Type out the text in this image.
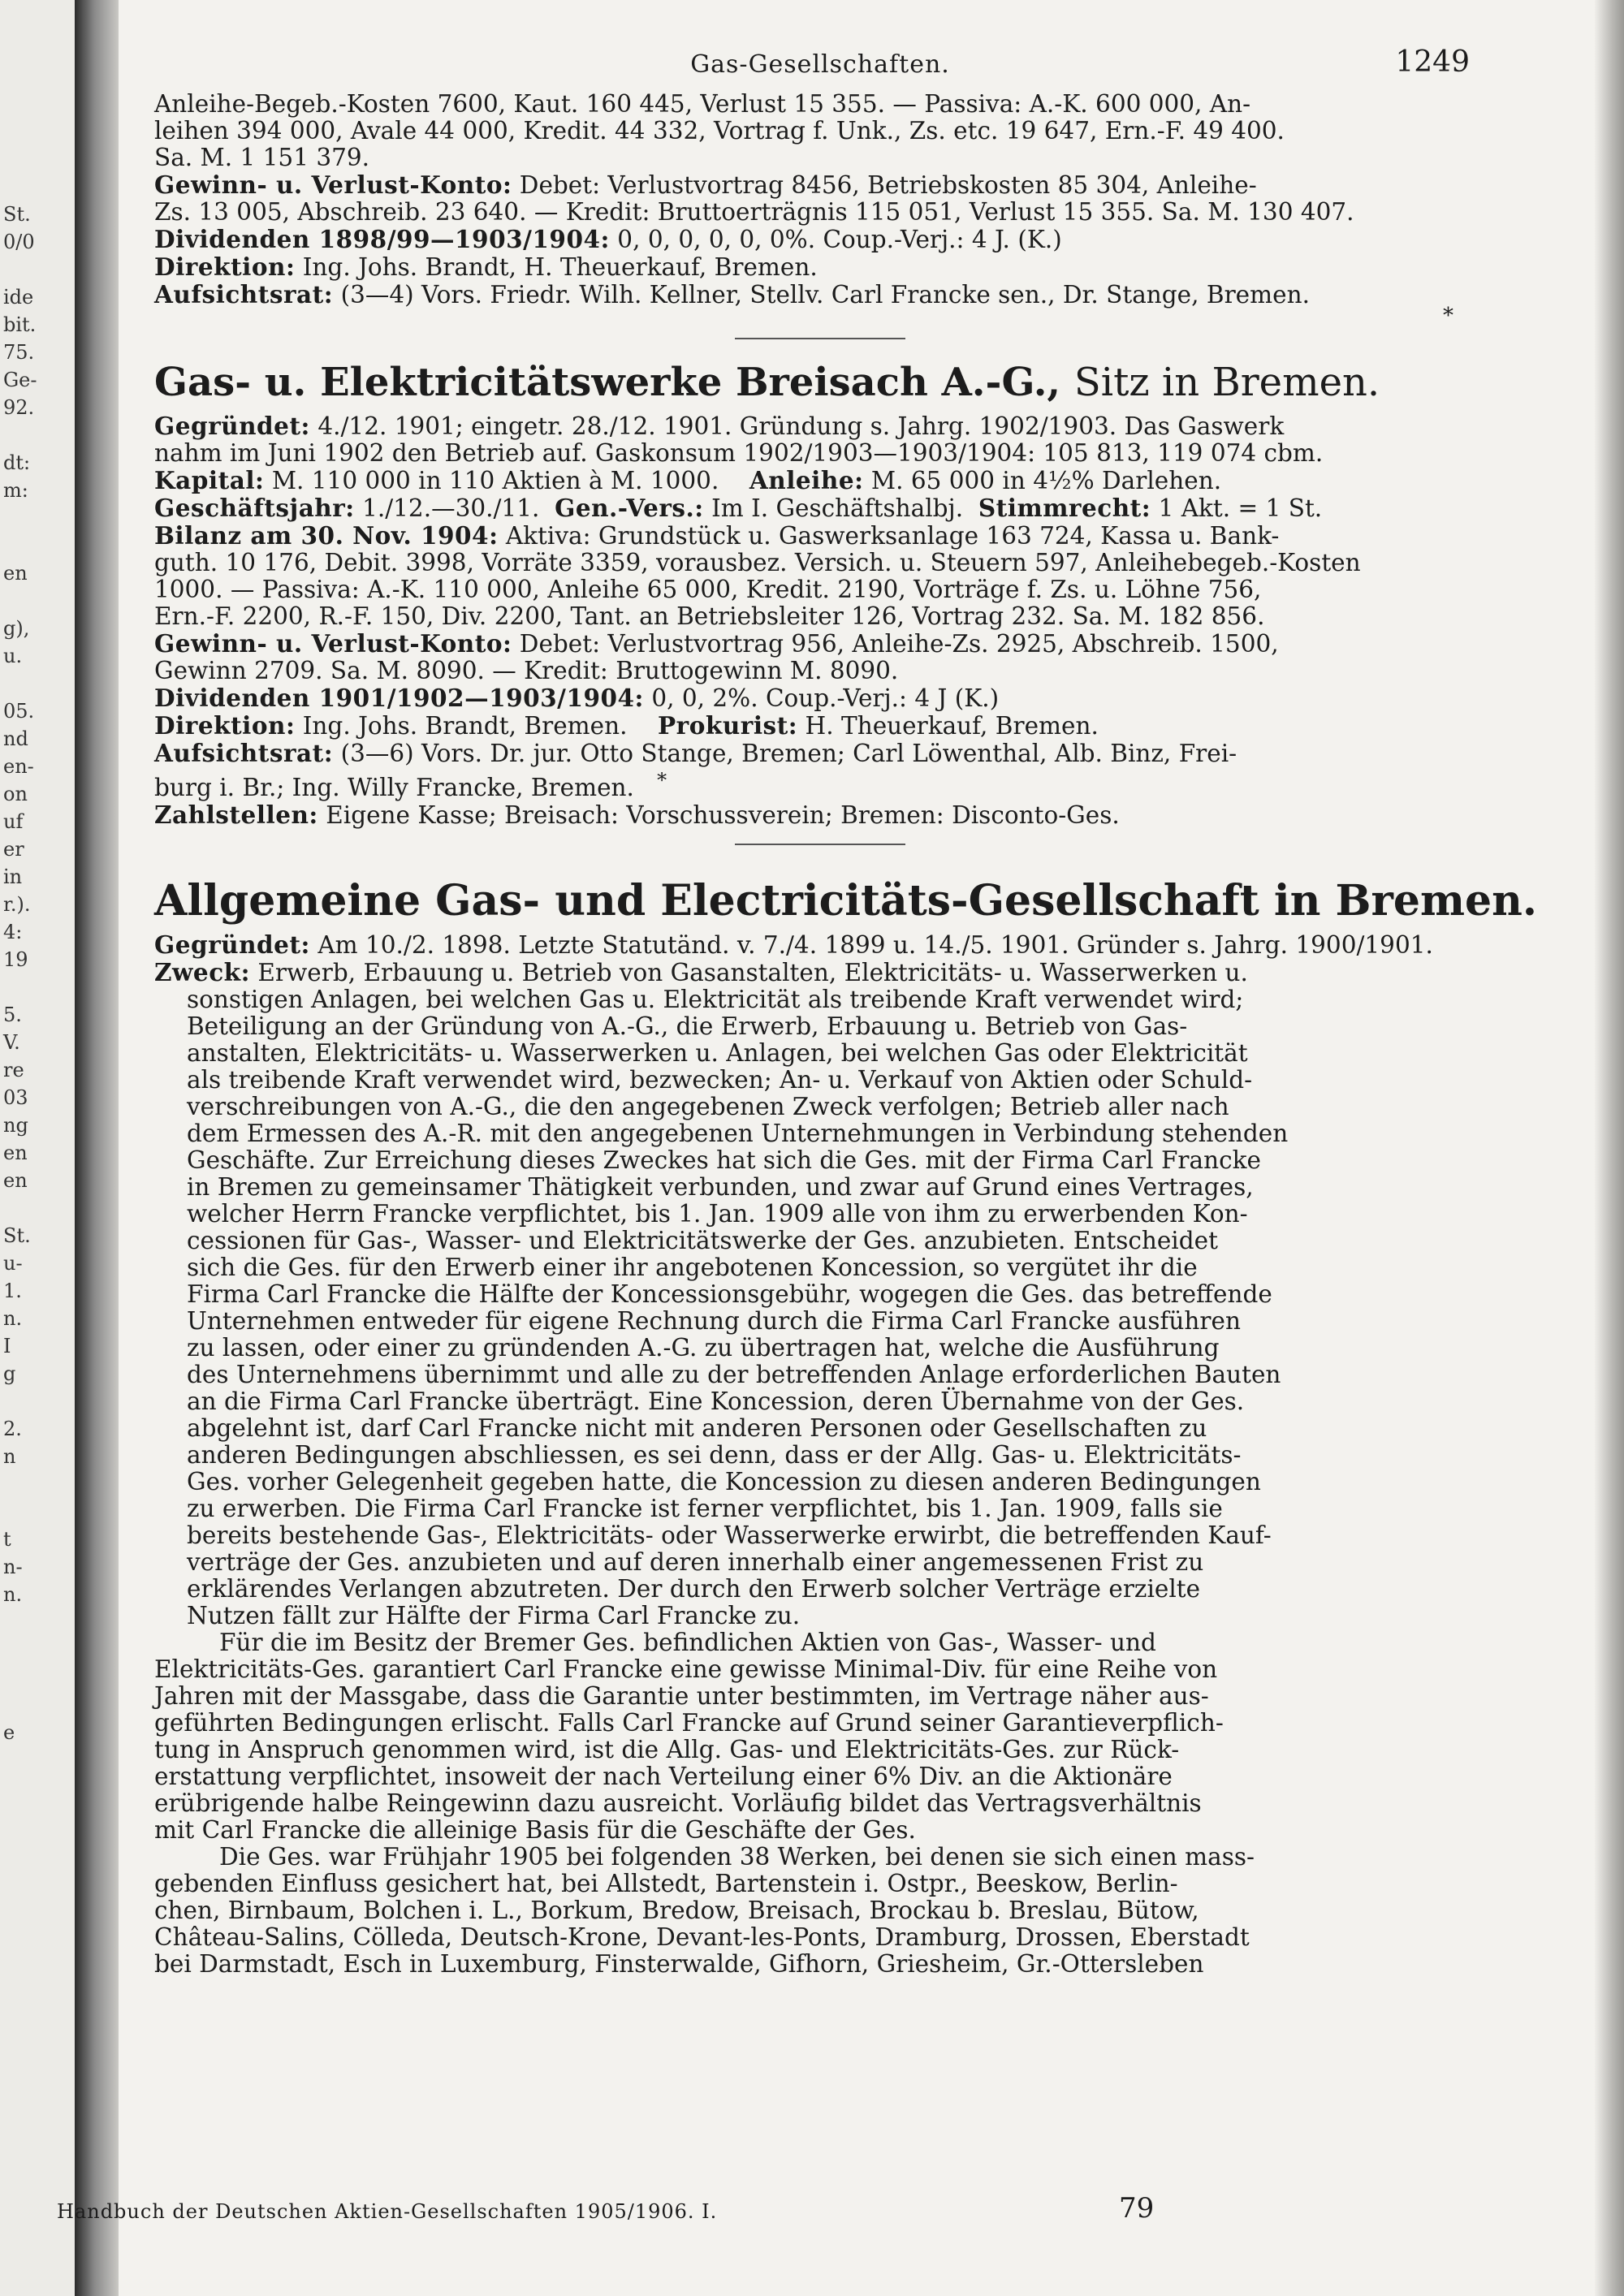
St.
0/0
ide
bit.
75.
Ge-
92.
dt:
m:
en
g),
u.
05.
nd
en-
on
uf
er
in
r.).
4:
19
5.
V.
re
03
ng
en
en
St.
u-
1.
n.
I
g
2.
n
t
n-
n.
e
Gas-Gesellschaften.	1249
Anleihe-Begeb.-Kosten 7600, Kaut. 160 445, Verlust 15 355. — Passiva: A.-K. 600 000, An-
leihen 394 000, Avale 44 000, Kredit. 44 332, Vortrag f. Unk., Zs. etc. 19 647, Ern.-F. 49 400.
Sa. M. 1 151 379.
Gewinn- u. Verlust-Konto: Debet: Verlustvortrag 8456, Betriebskosten 85 304, Anleihe-
Zs. 13 005, Abschreib. 23 640. — Kredit: Bruttoerträgnis 115 051, Verlust 15 355. Sa. M. 130 407.
Dividenden 1898/99—1903/1904: 0, 0, 0, 0, 0, 0%. Coup.-Verj.: 4 J. (K.)
Direktion: Ing. Johs. Brandt, H. Theuerkauf, Bremen.
Aufsichtsrat: (3—4) Vors. Friedr. Wilh. Kellner, Stellv. Carl Francke sen., Dr. Stange, Bremen.
*
Gas- u. Elektricitätswerke Breisach A.-G., Sitz in Bremen.
Gegründet: 4./12. 1901; eingetr. 28./12. 1901. Gründung s. Jahrg. 1902/1903. Das Gaswerk
nahm im Juni 1902 den Betrieb auf. Gaskonsum 1902/1903—1903/1904: 105 813, 119 074 cbm.
Kapital: M. 110 000 in 110 Aktien à M. 1000. Anleihe: M. 65 000 in 4½% Darlehen.
Geschäftsjahr: 1./12.—30./11. Gen.-Vers.: Im I. Geschäftshalbj. Stimmrecht: 1 Akt. = 1 St.
Bilanz am 30. Nov. 1904: Aktiva: Grundstück u. Gaswerksanlage 163 724, Kassa u. Bank-
guth. 10 176, Debit. 3998, Vorräte 3359, vorausbez. Versich. u. Steuern 597, Anleihebegeb.-Kosten
1000. — Passiva: A.-K. 110 000, Anleihe 65 000, Kredit. 2190, Vorträge f. Zs. u. Löhne 756,
Ern.-F. 2200, R.-F. 150, Div. 2200, Tant. an Betriebsleiter 126, Vortrag 232. Sa. M. 182 856.
Gewinn- u. Verlust-Konto: Debet: Verlustvortrag 956, Anleihe-Zs. 2925, Abschreib. 1500,
Gewinn 2709. Sa. M. 8090. — Kredit: Bruttogewinn M. 8090.
Dividenden 1901/1902—1903/1904: 0, 0, 2%. Coup.-Verj.: 4 J (K.)
Direktion: Ing. Johs. Brandt, Bremen. Prokurist: H. Theuerkauf, Bremen.
Aufsichtsrat: (3—6) Vors. Dr. jur. Otto Stange, Bremen; Carl Löwenthal, Alb. Binz, Frei-
burg i. Br.; Ing. Willy Francke, Bremen. *
Zahlstellen: Eigene Kasse; Breisach: Vorschussverein; Bremen: Disconto-Ges.
Allgemeine Gas- und Electricitäts-Gesellschaft in Bremen.
Gegründet: Am 10./2. 1898. Letzte Statutänd. v. 7./4. 1899 u. 14./5. 1901. Gründer s. Jahrg. 1900/1901.
Zweck: Erwerb, Erbauung u. Betrieb von Gasanstalten, Elektricitäts- u. Wasserwerken u.
sonstigen Anlagen, bei welchen Gas u. Elektricität als treibende Kraft verwendet wird;
Beteiligung an der Gründung von A.-G., die Erwerb, Erbauung u. Betrieb von Gas-
anstalten, Elektricitäts- u. Wasserwerken u. Anlagen, bei welchen Gas oder Elektricität
als treibende Kraft verwendet wird, bezwecken; An- u. Verkauf von Aktien oder Schuld-
verschreibungen von A.-G., die den angegebenen Zweck verfolgen; Betrieb aller nach
dem Ermessen des A.-R. mit den angegebenen Unternehmungen in Verbindung stehenden
Geschäfte. Zur Erreichung dieses Zweckes hat sich die Ges. mit der Firma Carl Francke
in Bremen zu gemeinsamer Thätigkeit verbunden, und zwar auf Grund eines Vertrages,
welcher Herrn Francke verpflichtet, bis 1. Jan. 1909 alle von ihm zu erwerbenden Kon-
cessionen für Gas-, Wasser- und Elektricitätswerke der Ges. anzubieten. Entscheidet
sich die Ges. für den Erwerb einer ihr angebotenen Koncession, so vergütet ihr die
Firma Carl Francke die Hälfte der Koncessionsgebühr, wogegen die Ges. das betreffende
Unternehmen entweder für eigene Rechnung durch die Firma Carl Francke ausführen
zu lassen, oder einer zu gründenden A.-G. zu übertragen hat, welche die Ausführung
des Unternehmens übernimmt und alle zu der betreffenden Anlage erforderlichen Bauten
an die Firma Carl Francke überträgt. Eine Koncession, deren Übernahme von der Ges.
abgelehnt ist, darf Carl Francke nicht mit anderen Personen oder Gesellschaften zu
anderen Bedingungen abschliessen, es sei denn, dass er der Allg. Gas- u. Elektricitäts-
Ges. vorher Gelegenheit gegeben hatte, die Koncession zu diesen anderen Bedingungen
zu erwerben. Die Firma Carl Francke ist ferner verpflichtet, bis 1. Jan. 1909, falls sie
bereits bestehende Gas-, Elektricitäts- oder Wasserwerke erwirbt, die betreffenden Kauf-
verträge der Ges. anzubieten und auf deren innerhalb einer angemessenen Frist zu
erklärendes Verlangen abzutreten. Der durch den Erwerb solcher Verträge erzielte
Nutzen fällt zur Hälfte der Firma Carl Francke zu.
Für die im Besitz der Bremer Ges. befindlichen Aktien von Gas-, Wasser- und
Elektricitäts-Ges. garantiert Carl Francke eine gewisse Minimal-Div. für eine Reihe von
Jahren mit der Massgabe, dass die Garantie unter bestimmten, im Vertrage näher aus-
geführten Bedingungen erlischt. Falls Carl Francke auf Grund seiner Garantieverpflich-
tung in Anspruch genommen wird, ist die Allg. Gas- und Elektricitäts-Ges. zur Rück-
erstattung verpflichtet, insoweit der nach Verteilung einer 6% Div. an die Aktionäre
erübrigende halbe Reingewinn dazu ausreicht. Vorläufig bildet das Vertragsverhältnis
mit Carl Francke die alleinige Basis für die Geschäfte der Ges.
Die Ges. war Frühjahr 1905 bei folgenden 38 Werken, bei denen sie sich einen mass-
gebenden Einfluss gesichert hat, bei Allstedt, Bartenstein i. Ostpr., Beeskow, Berlin-
chen, Birnbaum, Bolchen i. L., Borkum, Bredow, Breisach, Brockau b. Breslau, Bütow,
Château-Salins, Cölleda, Deutsch-Krone, Devant-les-Ponts, Dramburg, Drossen, Eberstadt
bei Darmstadt, Esch in Luxemburg, Finsterwalde, Gifhorn, Griesheim, Gr.-Ottersleben
Handbuch der Deutschen Aktien-Gesellschaften 1905/1906. I.	79
